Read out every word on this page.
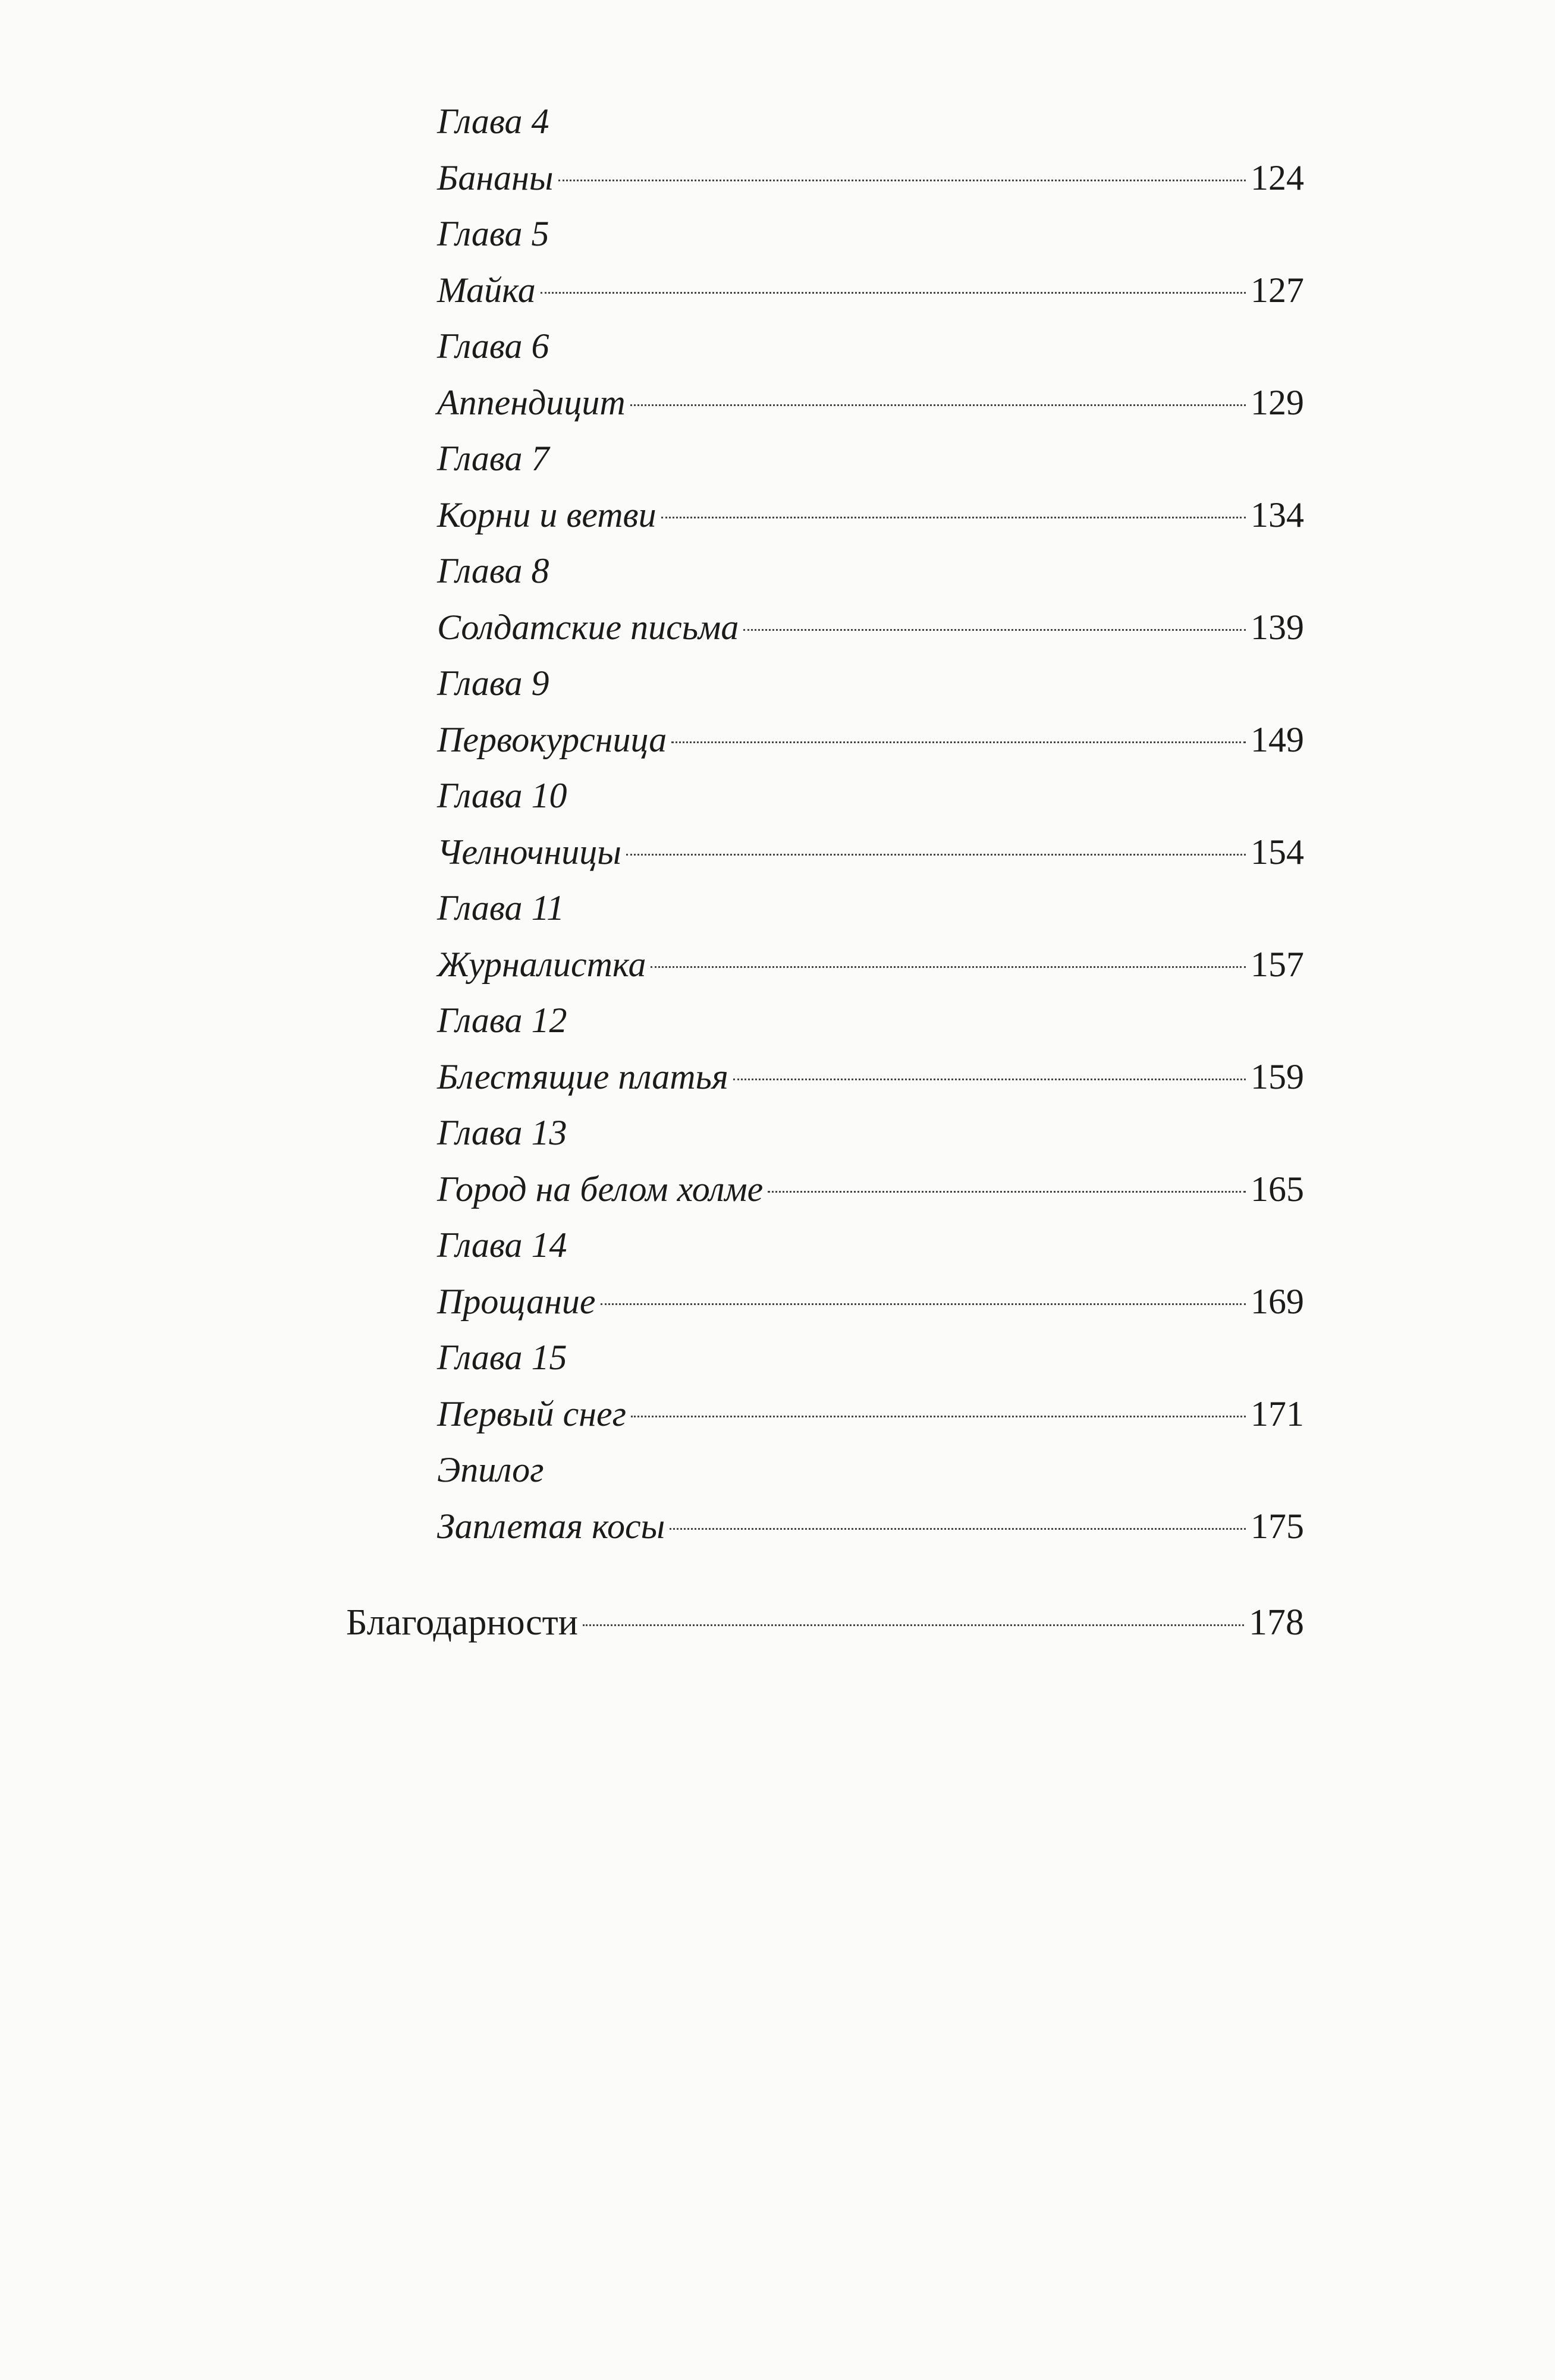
Глава 4
Бананы	124
Глава 5
Майка	127
Глава 6
Аппендицит	129
Глава 7
Корни и ветви	134
Глава 8
Солдатские письма	139
Глава 9
Первокурсница	149
Глава 10
Челночницы	154
Глава 11
Журналистка	157
Глава 12
Блестящие платья	159
Глава 13
Город на белом холме	165
Глава 14
Прощание	169
Глава 15
Первый снег	171
Эпилог
Заплетая косы	175
Благодарности	178
